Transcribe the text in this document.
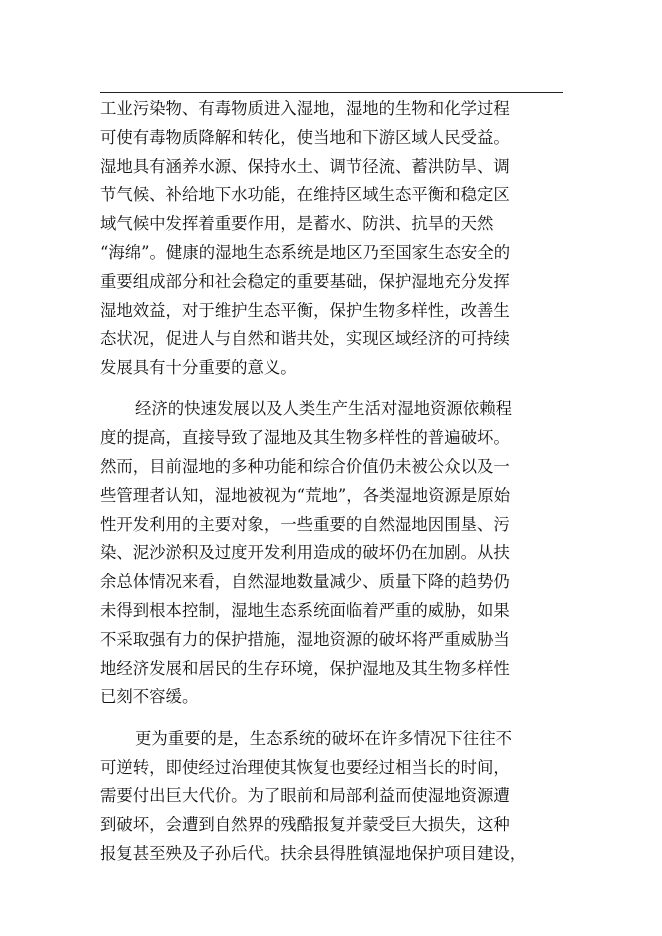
工业污染物、有毒物质进入湿地，湿地的生物和化学过程
可使有毒物质降解和转化，使当地和下游区域人民受益。
湿地具有涵养水源、保持水土、调节径流、蓄洪防旱、调
节气候、补给地下水功能，在维持区域生态平衡和稳定区
域气候中发挥着重要作用，是蓄水、防洪、抗旱的天然
“海绵”。健康的湿地生态系统是地区乃至国家生态安全的
重要组成部分和社会稳定的重要基础，保护湿地充分发挥
湿地效益，对于维护生态平衡，保护生物多样性，改善生
态状况，促进人与自然和谐共处，实现区域经济的可持续
发展具有十分重要的意义。
经济的快速发展以及人类生产生活对湿地资源依赖程
度的提高，直接导致了湿地及其生物多样性的普遍破坏。
然而，目前湿地的多种功能和综合价值仍未被公众以及一
些管理者认知，湿地被视为“荒地”，各类湿地资源是原始
性开发利用的主要对象，一些重要的自然湿地因围垦、污
染、泥沙淤积及过度开发利用造成的破坏仍在加剧。从扶
余总体情况来看，自然湿地数量减少、质量下降的趋势仍
未得到根本控制，湿地生态系统面临着严重的威胁，如果
不采取强有力的保护措施，湿地资源的破坏将严重威胁当
地经济发展和居民的生存环境，保护湿地及其生物多样性
已刻不容缓。
更为重要的是，生态系统的破坏在许多情况下往往不
可逆转，即使经过治理使其恢复也要经过相当长的时间，
需要付出巨大代价。为了眼前和局部利益而使湿地资源遭
到破坏，会遭到自然界的残酷报复并蒙受巨大损失，这种
报复甚至殃及子孙后代。扶余县得胜镇湿地保护项目建设，
